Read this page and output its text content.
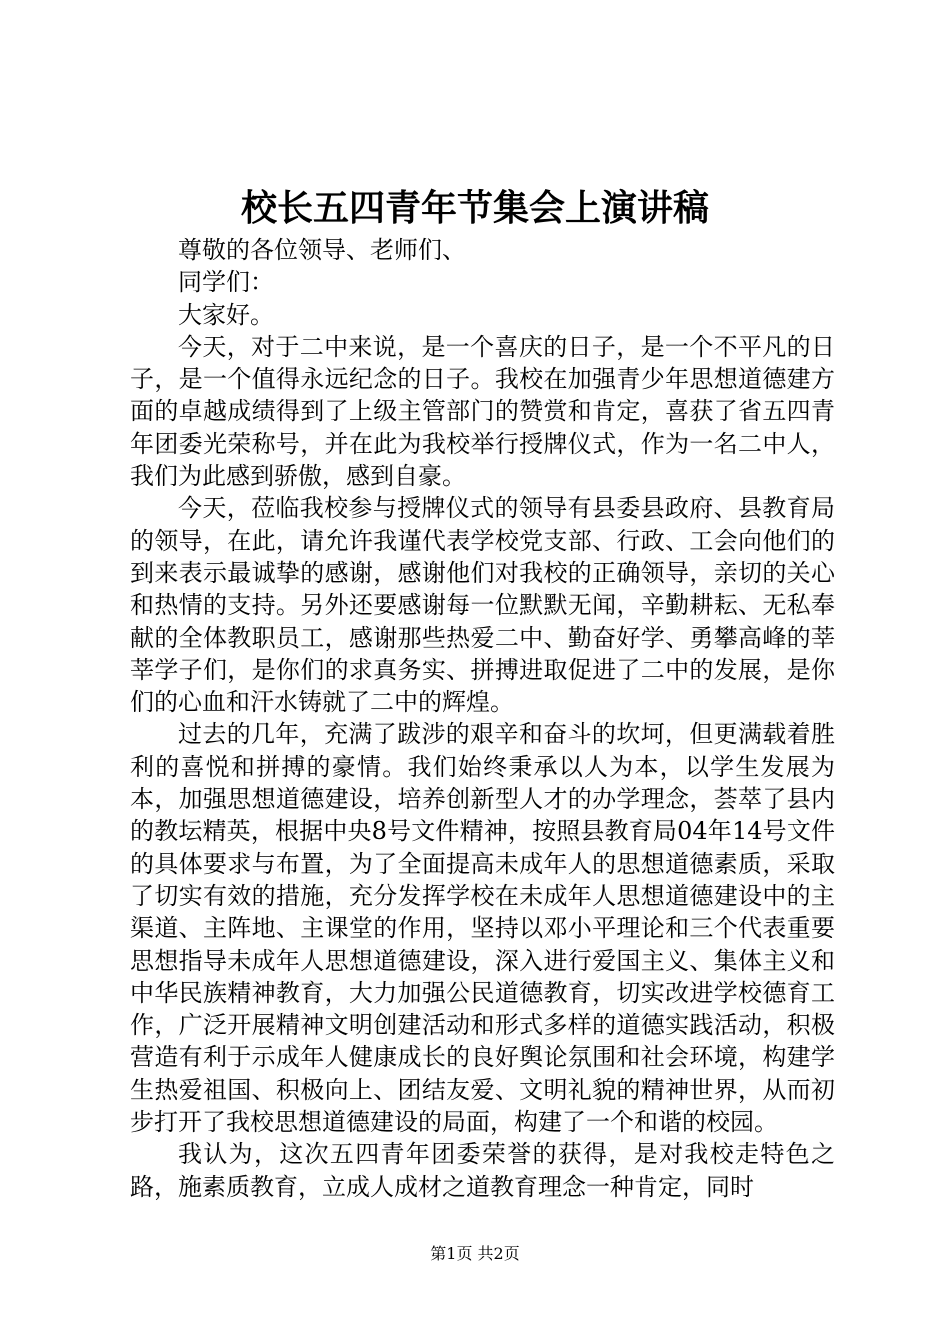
校长五四青年节集会上演讲稿

尊敬的各位领导、老师们、

同学们：

大家好。

今天，对于二中来说，是一个喜庆的日子，是一个不平凡的日子，是一个值得永远纪念的日子。我校在加强青少年思想道德建方面的卓越成绩得到了上级主管部门的赞赏和肯定，喜获了省五四青年团委光荣称号，并在此为我校举行授牌仪式，作为一名二中人，我们为此感到骄傲，感到自豪。

今天，莅临我校参与授牌仪式的领导有县委县政府、县教育局的领导，在此，请允许我谨代表学校党支部、行政、工会向他们的到来表示最诚挚的感谢，感谢他们对我校的正确领导，亲切的关心和热情的支持。另外还要感谢每一位默默无闻，辛勤耕耘、无私奉献的全体教职员工，感谢那些热爱二中、勤奋好学、勇攀高峰的莘莘学子们，是你们的求真务实、拼搏进取促进了二中的发展，是你们的心血和汗水铸就了二中的辉煌。

过去的几年，充满了跋涉的艰辛和奋斗的坎坷，但更满载着胜利的喜悦和拼搏的豪情。我们始终秉承以人为本，以学生发展为本，加强思想道德建设，培养创新型人才的办学理念，荟萃了县内的教坛精英，根据中央8号文件精神，按照县教育局04年14号文件的具体要求与布置，为了全面提高未成年人的思想道德素质，采取了切实有效的措施，充分发挥学校在未成年人思想道德建设中的主渠道、主阵地、主课堂的作用，坚持以邓小平理论和三个代表重要思想指导未成年人思想道德建设，深入进行爱国主义、集体主义和中华民族精神教育，大力加强公民道德教育，切实改进学校德育工作，广泛开展精神文明创建活动和形式多样的道德实践活动，积极营造有利于示成年人健康成长的良好舆论氛围和社会环境，构建学生热爱祖国、积极向上、团结友爱、文明礼貌的精神世界，从而初步打开了我校思想道德建设的局面，构建了一个和谐的校园。

我认为，这次五四青年团委荣誉的获得，是对我校走特色之路，施素质教育，立成人成材之道教育理念一种肯定，同时

第1页 共2页
